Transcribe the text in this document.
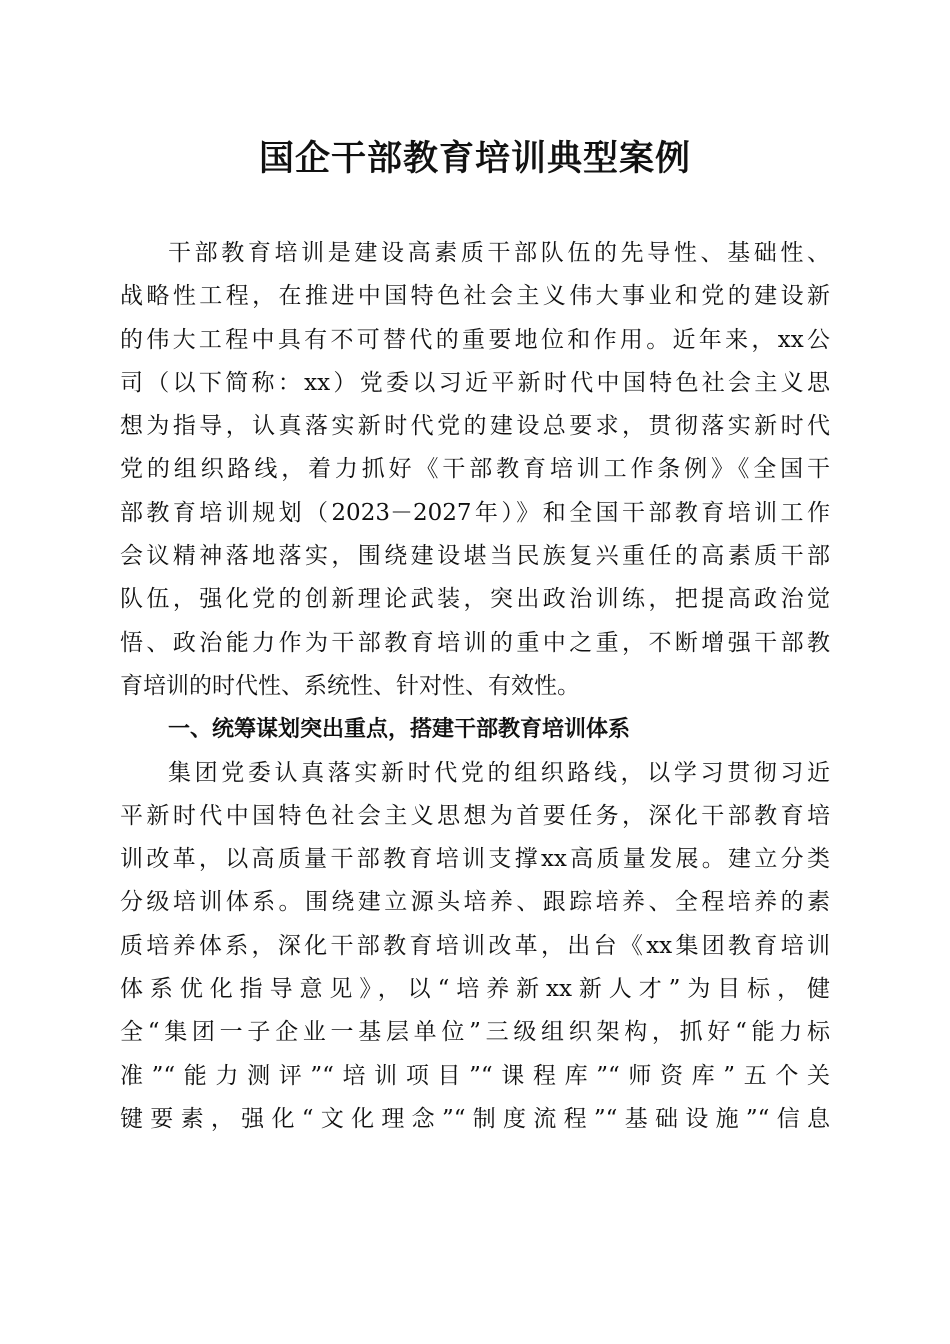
国企干部教育培训典型案例
干部教育培训是建设高素质干部队伍的先导性、基础性、
战略性工程，在推进中国特色社会主义伟大事业和党的建设新
的伟大工程中具有不可替代的重要地位和作用。近年来，xx公
司（以下简称：xx）党委以习近平新时代中国特色社会主义思
想为指导，认真落实新时代党的建设总要求，贯彻落实新时代
党的组织路线，着力抓好《干部教育培训工作条例》《全国干
部教育培训规划（2023－2027年）》和全国干部教育培训工作
会议精神落地落实，围绕建设堪当民族复兴重任的高素质干部
队伍，强化党的创新理论武装，突出政治训练，把提高政治觉
悟、政治能力作为干部教育培训的重中之重，不断增强干部教
育培训的时代性、系统性、针对性、有效性。
一、统筹谋划突出重点，搭建干部教育培训体系
集团党委认真落实新时代党的组织路线，以学习贯彻习近
平新时代中国特色社会主义思想为首要任务，深化干部教育培
训改革，以高质量干部教育培训支撑xx高质量发展。建立分类
分级培训体系。围绕建立源头培养、跟踪培养、全程培养的素
质培养体系，深化干部教育培训改革，出台《xx集团教育培训
体系优化指导意见》，以“培养新xx新人才”为目标，健
全“集团一子企业一基层单位”三级组织架构，抓好“能力标
准”“能力测评”“培训项目”“课程库”“师资库”五个关
键要素，强化“文化理念”“制度流程”“基础设施”“信息
